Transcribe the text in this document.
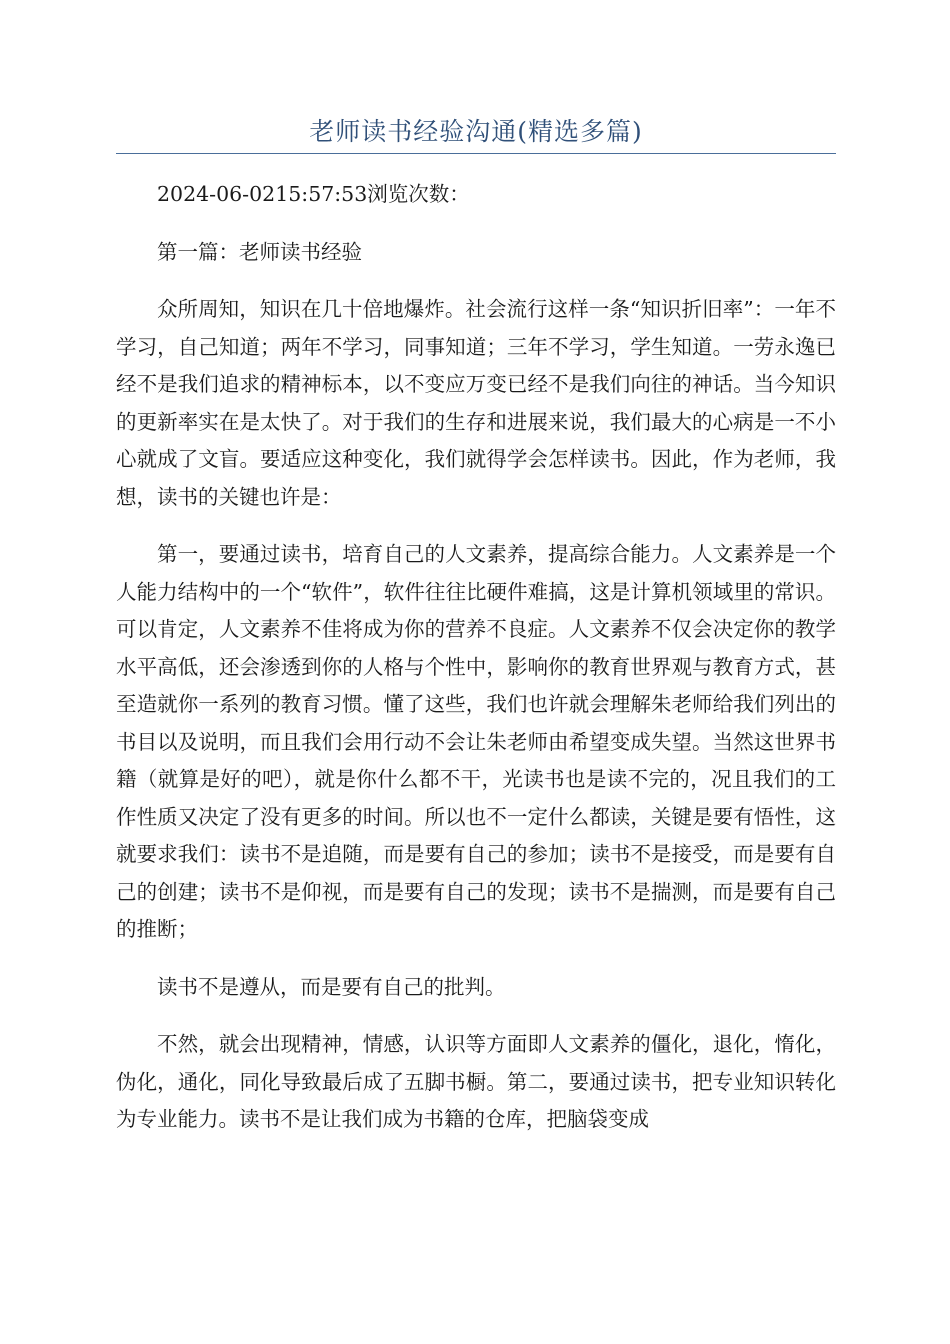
老师读书经验沟通(精选多篇)

2024-06-0215:57:53浏览次数：

第一篇：老师读书经验

众所周知，知识在几十倍地爆炸。社会流行这样一条“知识折旧率”：一年不学习，自己知道；两年不学习，同事知道；三年不学习，学生知道。一劳永逸已经不是我们追求的精神标本，以不变应万变已经不是我们向往的神话。当今知识的更新率实在是太快了。对于我们的生存和进展来说，我们最大的心病是一不小心就成了文盲。要适应这种变化，我们就得学会怎样读书。因此，作为老师，我想，读书的关键也许是：

第一，要通过读书，培育自己的人文素养，提高综合能力。人文素养是一个人能力结构中的一个“软件”，软件往往比硬件难搞，这是计算机领域里的常识。可以肯定，人文素养不佳将成为你的营养不良症。人文素养不仅会决定你的教学水平高低，还会渗透到你的人格与个性中，影响你的教育世界观与教育方式，甚至造就你一系列的教育习惯。懂了这些，我们也许就会理解朱老师给我们列出的书目以及说明，而且我们会用行动不会让朱老师由希望变成失望。当然这世界书籍（就算是好的吧），就是你什么都不干，光读书也是读不完的，况且我们的工作性质又决定了没有更多的时间。所以也不一定什么都读，关键是要有悟性，这就要求我们：读书不是追随，而是要有自己的参加；读书不是接受，而是要有自己的创建；读书不是仰视，而是要有自己的发现；读书不是揣测，而是要有自己的推断；

读书不是遵从，而是要有自己的批判。

不然，就会出现精神，情感，认识等方面即人文素养的僵化，退化，惰化，伪化，通化，同化导致最后成了五脚书橱。第二，要通过读书，把专业知识转化为专业能力。读书不是让我们成为书籍的仓库，把脑袋变成
